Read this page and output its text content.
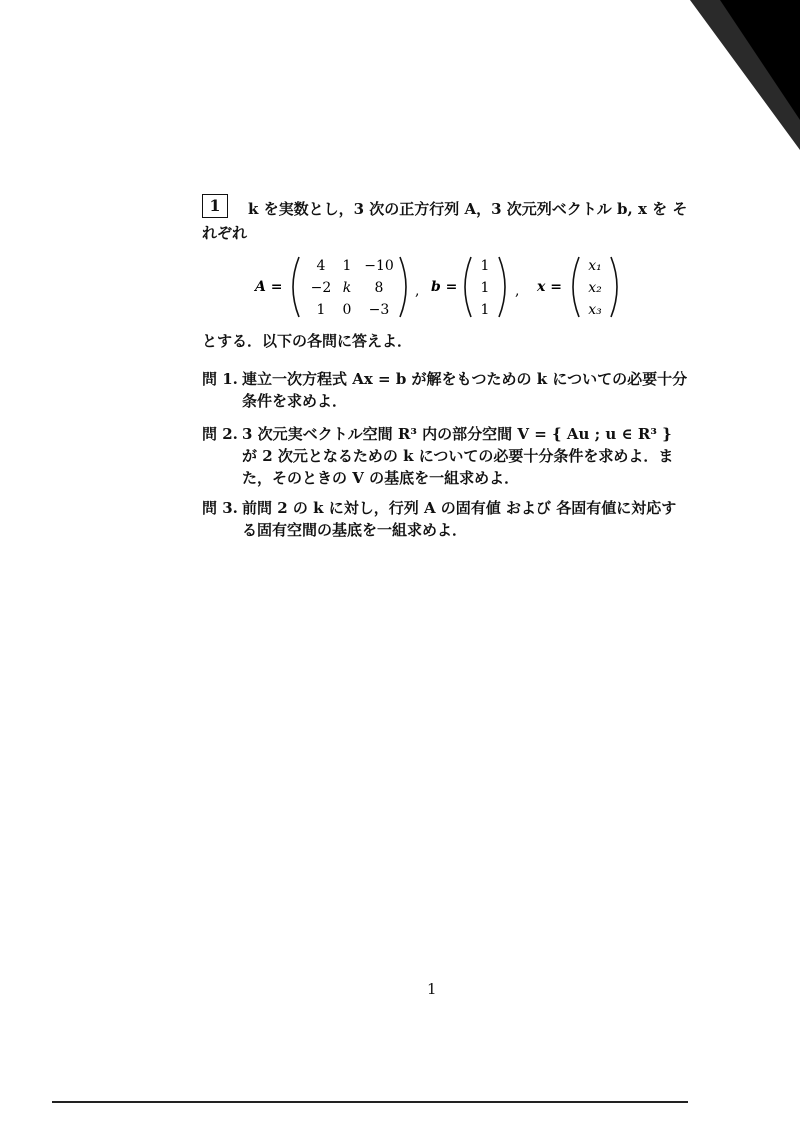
1	k を実数とし，3 次の正方行列 A，3 次元列ベクトル b, x を それぞれ
A =
4 1 −10
−2 k 8
1 0 −3
, b =
1
1
1
, x =
x₁
x₂
x₃
とする．以下の各問に答えよ．
問 1. 連立一次方程式 Ax = b が解をもつための k についての必要十分条件を求めよ．
問 2. 3 次元実ベクトル空間 R³ 内の部分空間 V = { Au ; u ∈ R³ } が 2 次元となるための k についての必要十分条件を求めよ．また，そのときの V の基底を一組求めよ．
問 3. 前問 2 の k に対し，行列 A の固有値 および 各固有値に対応する固有空間の基底を一組求めよ．
1
